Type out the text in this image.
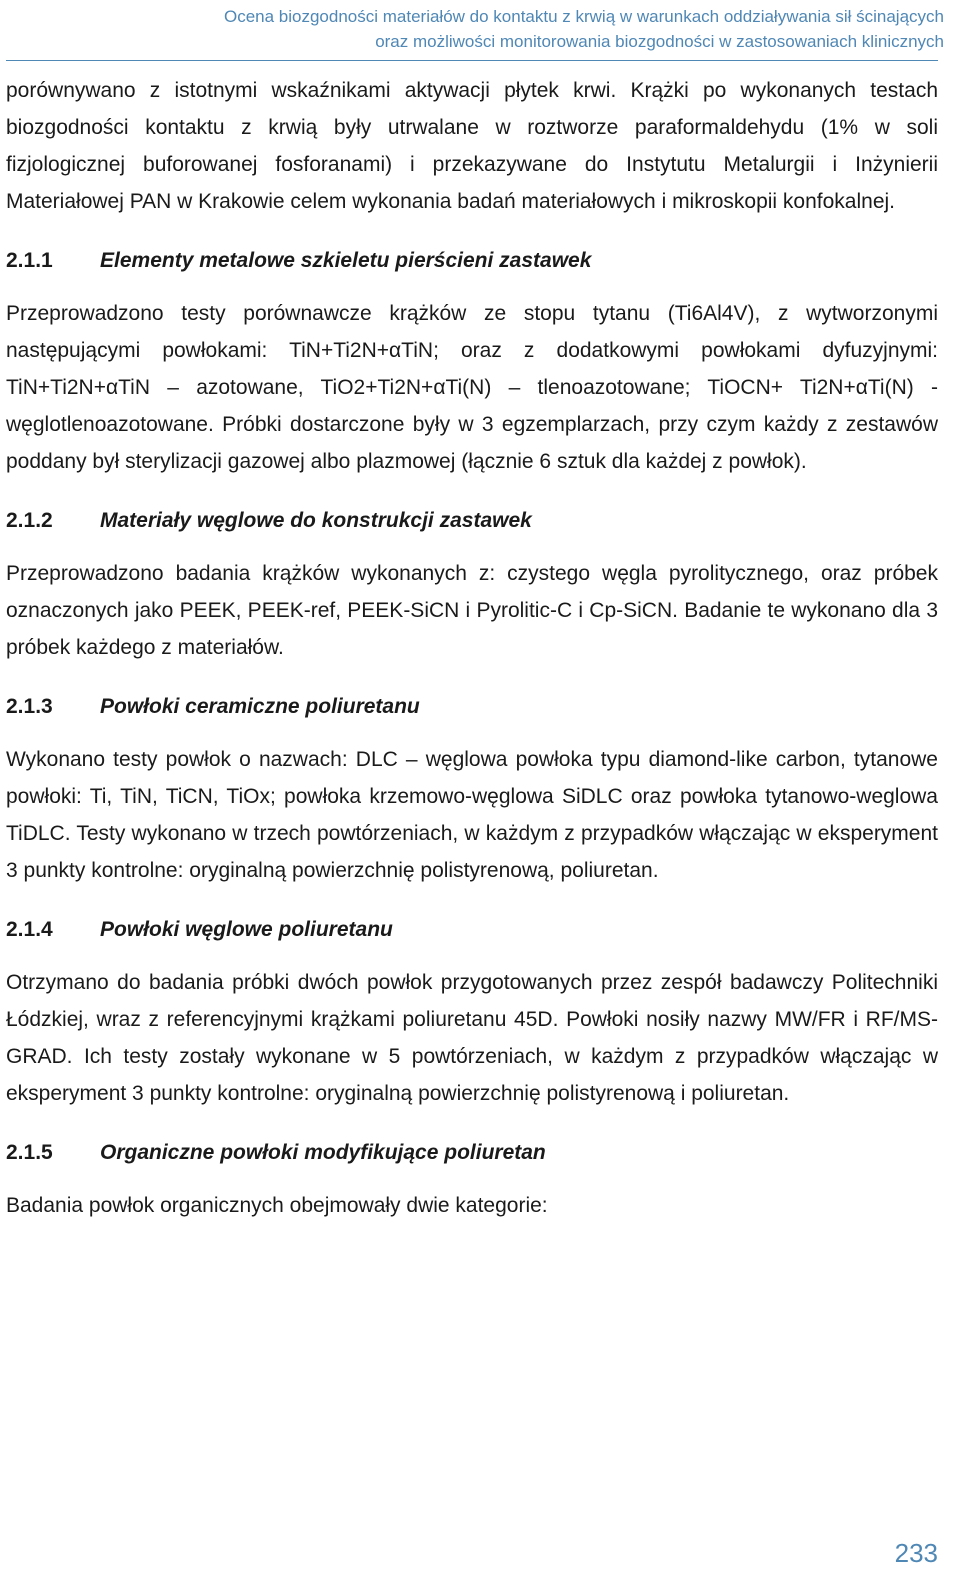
Ocena biozgodności materiałów do kontaktu z krwią w warunkach oddziaływania sił ścinających
oraz możliwości monitorowania biozgodności w zastosowaniach klinicznych

porównywano z istotnymi wskaźnikami aktywacji płytek krwi. Krążki po wykonanych testach biozgodności kontaktu z krwią były utrwalane w roztworze paraformaldehydu (1% w soli fizjologicznej buforowanej fosforanami) i przekazywane do Instytutu Metalurgii i Inżynierii Materiałowej PAN w Krakowie celem wykonania badań materiałowych i mikroskopii konfokalnej.

2.1.1 Elementy metalowe szkieletu pierścieni zastawek

Przeprowadzono testy porównawcze krążków ze stopu tytanu (Ti6Al4V), z wytworzonymi następującymi powłokami: TiN+Ti2N+αTiN; oraz z dodatkowymi powłokami dyfuzyjnymi: TiN+Ti2N+αTiN – azotowane, TiO2+Ti2N+αTi(N) – tlenoazotowane; TiOCN+ Ti2N+αTi(N) - węglotlenoazotowane. Próbki dostarczone były w 3 egzemplarzach, przy czym każdy z zestawów poddany był sterylizacji gazowej albo plazmowej (łącznie 6 sztuk dla każdej z powłok).

2.1.2 Materiały węglowe do konstrukcji zastawek

Przeprowadzono badania krążków wykonanych z: czystego węgla pyrolitycznego, oraz próbek oznaczonych jako PEEK, PEEK-ref, PEEK-SiCN i Pyrolitic-C i Cp-SiCN. Badanie te wykonano dla 3 próbek każdego z materiałów.

2.1.3 Powłoki ceramiczne poliuretanu

Wykonano testy powłok o nazwach: DLC – węglowa powłoka typu diamond-like carbon, tytanowe powłoki: Ti, TiN, TiCN, TiOx; powłoka krzemowo-węglowa SiDLC oraz powłoka tytanowo-weglowa TiDLC. Testy wykonano w trzech powtórzeniach, w każdym z przypadków włączając w eksperyment 3 punkty kontrolne: oryginalną powierzchnię polistyrenową, poliuretan.

2.1.4 Powłoki węglowe poliuretanu

Otrzymano do badania próbki dwóch powłok przygotowanych przez zespół badawczy Politechniki Łódzkiej, wraz z referencyjnymi krążkami poliuretanu 45D. Powłoki nosiły nazwy MW/FR i RF/MS-GRAD. Ich testy zostały wykonane w 5 powtórzeniach, w każdym z przypadków włączając w eksperyment 3 punkty kontrolne: oryginalną powierzchnię polistyrenową i poliuretan.

2.1.5 Organiczne powłoki modyfikujące poliuretan

Badania powłok organicznych obejmowały dwie kategorie:

233
